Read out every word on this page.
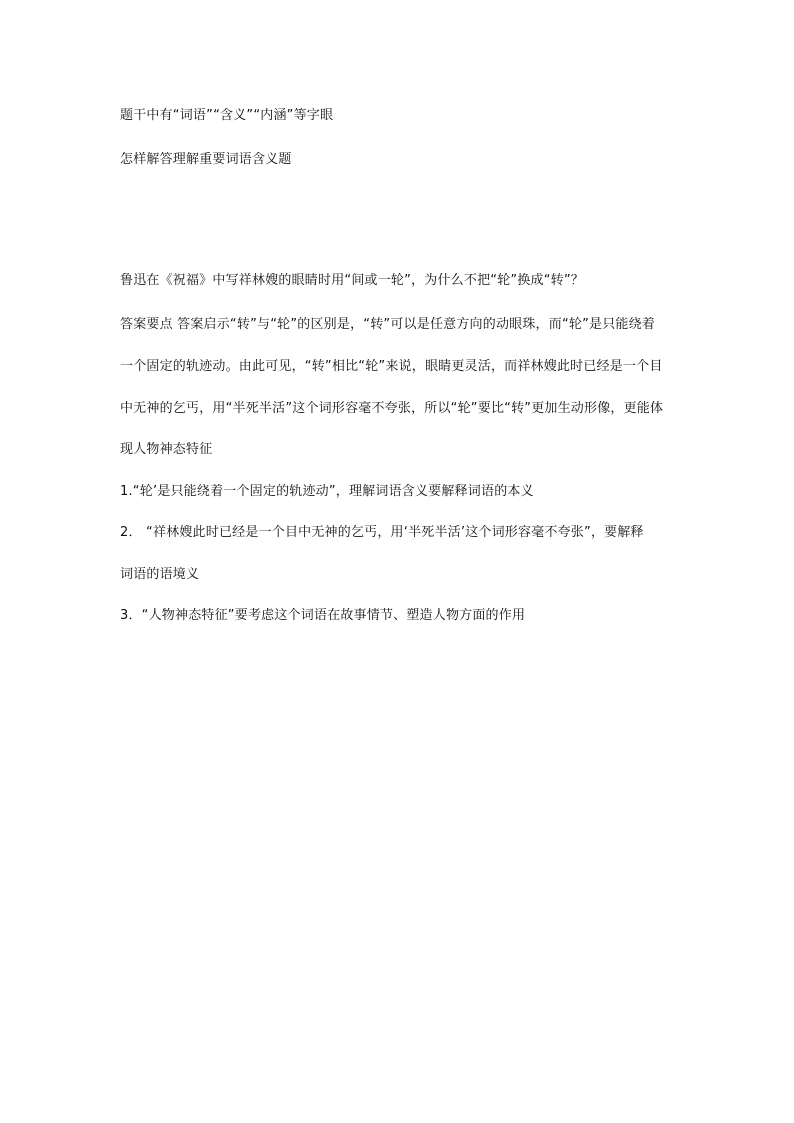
题干中有“词语”“含义”“内涵”等字眼
怎样解答理解重要词语含义题
鲁迅在《祝福》中写祥林嫂的眼睛时用“间或一轮”，为什么不把“轮”换成“转”？
答案要点 答案启示“转”与“轮”的区别是，“转”可以是任意方向的动眼珠，而“轮”是只能绕着
一个固定的轨迹动。由此可见，“转”相比“轮”来说，眼睛更灵活，而祥林嫂此时已经是一个目
中无神的乞丐，用“半死半活”这个词形容毫不夸张，所以“轮”要比“转”更加生动形像，更能体
现人物神态特征
1.“轮’是只能绕着一个固定的轨迹动”，理解词语含义要解释词语的本义
2． “祥林嫂此时已经是一个目中无神的乞丐，用‘半死半活’这个词形容毫不夸张”，要解释
词语的语境义
3．“人物神态特征”要考虑这个词语在故事情节、塑造人物方面的作用
